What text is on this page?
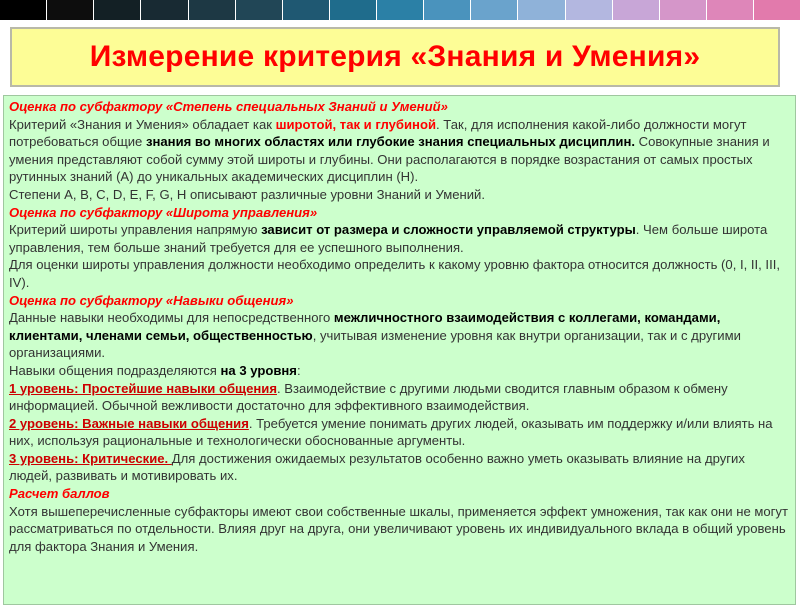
Измерение критерия «Знания и Умения»

Оценка по субфактору «Степень специальных Знаний и Умений»

Критерий «Знания и Умения» обладает как широтой, так и глубиной. Так, для исполнения какой-либо должности могут потребоваться общие знания во многих областях или глубокие знания специальных дисциплин. Совокупные знания и умения представляют собой сумму этой широты и глубины. Они располагаются в порядке возрастания от самых простых рутинных знаний (А) до уникальных академических дисциплин (Н).

Степени A, B, C, D, E, F, G, H описывают различные уровни Знаний и Умений.

Оценка по субфактору «Широта управления»

Критерий широты управления напрямую зависит от размера и сложности управляемой структуры. Чем больше широта управления, тем больше знаний требуется для ее успешного выполнения.

Для оценки широты управления должности необходимо определить к какому уровню фактора относится должность (0, I, II, III, IV).

Оценка по субфактору «Навыки общения»

Данные навыки необходимы для непосредственного межличностного взаимодействия с коллегами, командами, клиентами, членами семьи, общественностью, учитывая изменение уровня как внутри организации, так и с другими организациями.

Навыки общения подразделяются на 3 уровня:

1 уровень: Простейшие навыки общения. Взаимодействие с другими людьми сводится главным образом к обмену информацией. Обычной вежливости достаточно для эффективного взаимодействия.

2 уровень: Важные навыки общения. Требуется умение понимать других людей, оказывать им поддержку и/или влиять на них, используя рациональные и технологически обоснованные аргументы.

3 уровень: Критические. Для достижения ожидаемых результатов особенно важно уметь оказывать влияние на других людей, развивать и мотивировать их.

Расчет баллов

Хотя вышеперечисленные субфакторы имеют свои собственные шкалы, применяется эффект умножения, так как они не могут рассматриваться по отдельности. Влияя друг на друга, они увеличивают уровень их индивидуального вклада в общий уровень для фактора Знания и Умения.
